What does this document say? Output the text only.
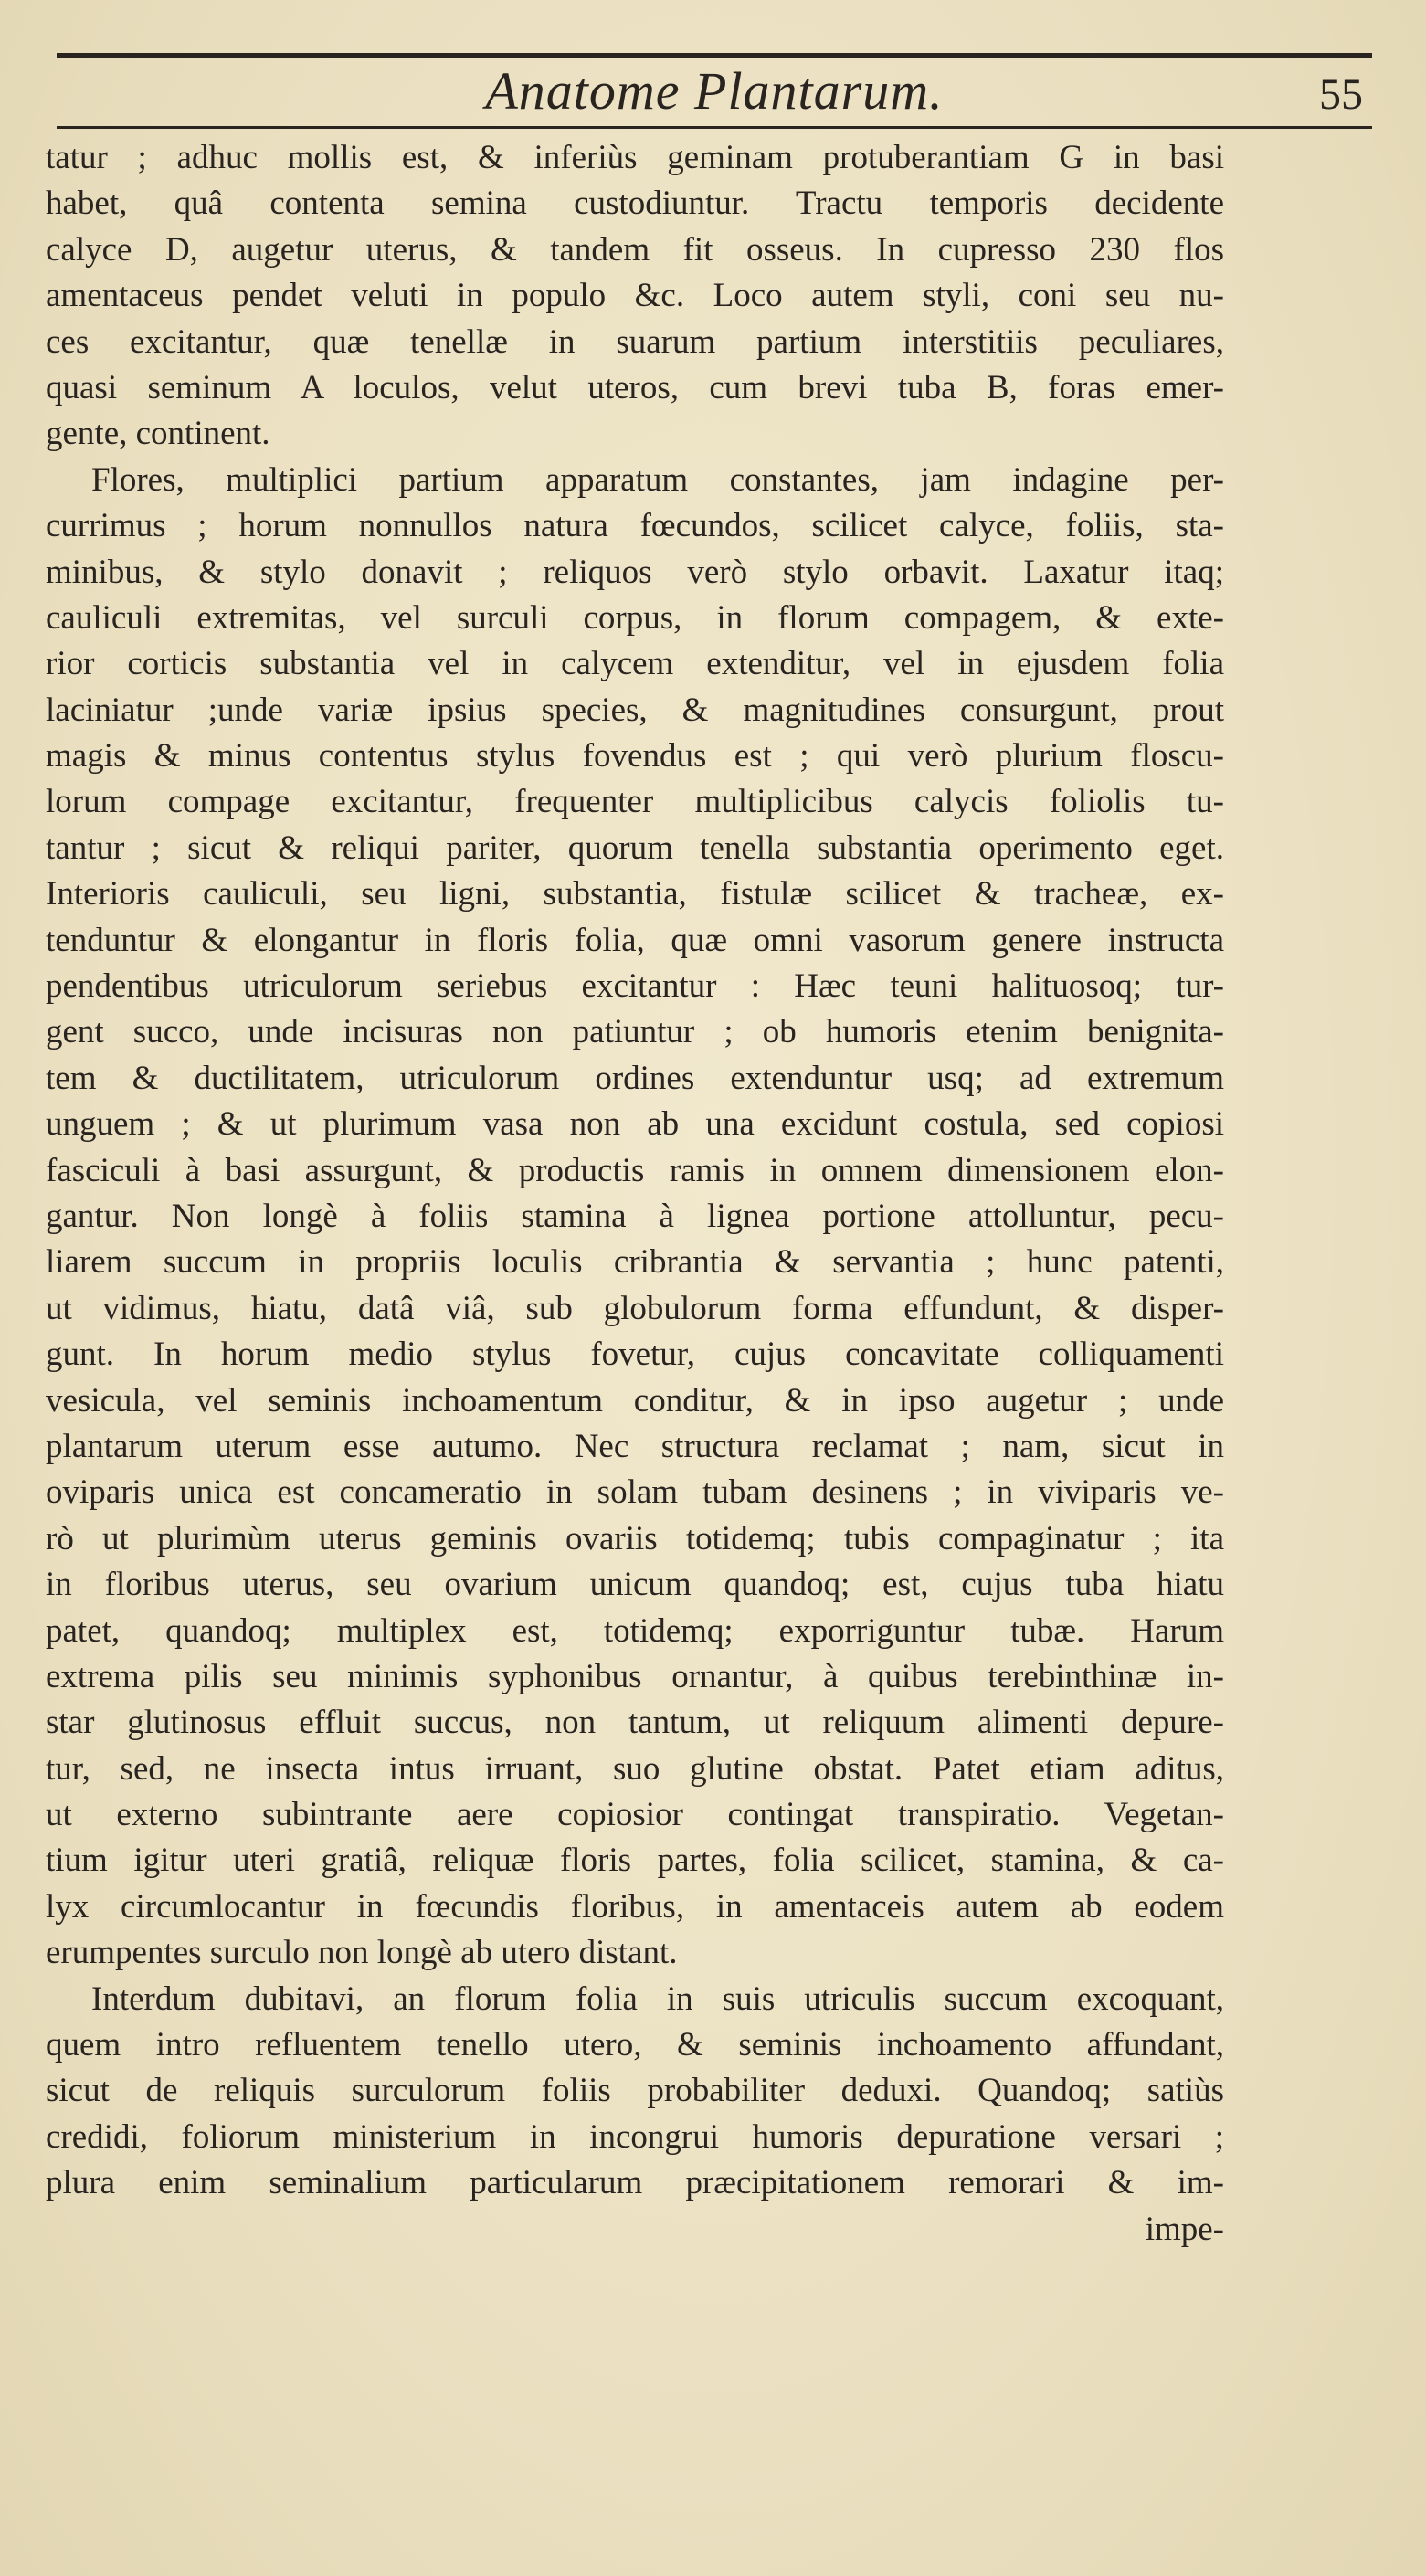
Anatome Plantarum.	55
tatur ; adhuc mollis est, & inferiùs geminam protuberantiam G in basi
habet, quâ contenta semina custodiuntur. Tractu temporis decidente
calyce D, augetur uterus, & tandem fit osseus. In cupresso 230 flos
amentaceus pendet veluti in populo &c. Loco autem styli, coni seu nu-
ces excitantur, quæ tenellæ in suarum partium interstitiis peculiares,
quasi seminum A loculos, velut uteros, cum brevi tuba B, foras emer-
gente, continent.
Flores, multiplici partium apparatum constantes, jam indagine per-
currimus ; horum nonnullos natura fœcundos, scilicet calyce, foliis, sta-
minibus, & stylo donavit ; reliquos verò stylo orbavit. Laxatur itaq;
cauliculi extremitas, vel surculi corpus, in florum compagem, & exte-
rior corticis substantia vel in calycem extenditur, vel in ejusdem folia
laciniatur ;unde variæ ipsius species, & magnitudines consurgunt, prout
magis & minus contentus stylus fovendus est ; qui verò plurium flоscu-
lorum compage excitantur, frequenter multiplicibus calycis foliolis tu-
tantur ; sicut & reliqui pariter, quorum tenella substantia operimento eget.
Interioris cauliculi, seu ligni, substantia, fistulæ scilicet & tracheæ, ex-
tenduntur & elongantur in floris folia, quæ omni vasorum genere instructa
pendentibus utriculorum seriebus excitantur : Hæc teuni halituosoq; tur-
gent succo, unde incisuras non patiuntur ; ob humoris etenim benignita-
tem & ductilitatem, utriculorum ordines extenduntur usq; ad extremum
unguem ; & ut plurimum vasa non ab una excidunt costula, sed copiosi
fasciculi à basi assurgunt, & productis ramis in omnem dimensionem elon-
gantur. Non longè à foliis stamina à lignea portione attolluntur, pecu-
liarem succum in propriis loculis cribrantia & servantia ; hunc patenti,
ut vidimus, hiatu, datâ viâ, sub globulorum forma effundunt, & disper-
gunt. In horum medio stylus fovetur, cujus concavitate colliquamenti
vesicula, vel seminis inchoamentum conditur, & in ipso augetur ; unde
plantarum uterum esse autumo. Nec structura reclamat ; nam, sicut in
oviparis unica est concameratio in solam tubam desinens ; in viviparis ve-
rò ut plurimùm uterus geminis ovariis totidemq; tubis compaginatur ; ita
in floribus uterus, seu ovarium unicum quandoq; est, cujus tuba hiatu
patet, quandoq; multiplex est, totidemq; exporriguntur tubæ. Harum
extrema pilis seu minimis syphonibus ornantur, à quibus terebinthinæ in-
star glutinosus effluit succus, non tantum, ut reliquum alimenti depure-
tur, sed, ne insecta intus irruant, suo glutine obstat. Patet etiam aditus,
ut externo subintrante aere copiosior contingat transpiratio. Vegetan-
tium igitur uteri gratiâ, reliquæ floris partes, folia scilicet, stamina, & ca-
lyx circumlocantur in fœcundis floribus, in amentaceis autem ab eodem
erumpentes surculo non longè ab utero distant.
Interdum dubitavi, an florum folia in suis utriculis succum excoquant,
quem intro refluentem tenello utero, & seminis inchoamento affundant,
sicut de reliquis surculorum foliis probabiliter deduxi. Quandoq; satiùs
credidi, foliorum ministerium in incongrui humoris depuratione versari ;
plura enim seminalium particularum præcipitationem remorari & im-
impe-
